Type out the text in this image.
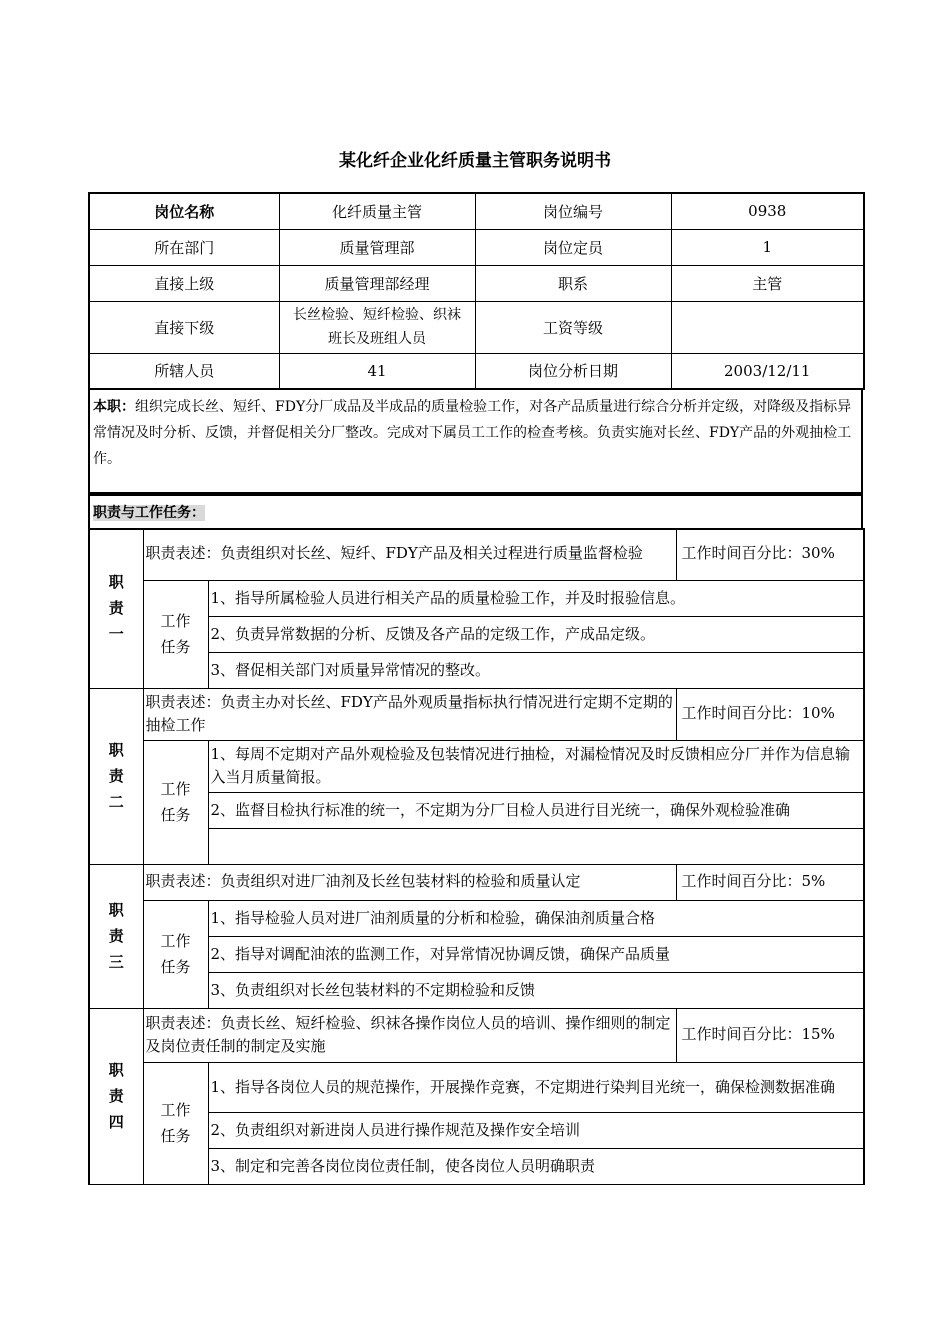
某化纤企业化纤质量主管职务说明书
岗位名称	化纤质量主管	岗位编号	0938
所在部门	质量管理部	岗位定员	1
直接上级	质量管理部经理	职系	主管
直接下级	长丝检验、短纤检验、织袜班长及班组人员	工资等级	
所辖人员	41	岗位分析日期	2003/12/11
本职：组织完成长丝、短纤、FDY分厂成品及半成品的质量检验工作，对各产品质量进行综合分析并定级，对降级及指标异常情况及时分析、反馈，并督促相关分厂整改。完成对下属员工工作的检查考核。负责实施对长丝、FDY产品的外观抽检工作。
职责与工作任务：
职责一	职责表述：负责组织对长丝、短纤、FDY产品及相关过程进行质量监督检验		工作时间百分比：30%

	工作任务	1、指导所属检验人员进行相关产品的质量检验工作，并及时报验信息。	
		2、负责异常数据的分析、反馈及各产品的定级工作，产成品定级。	
		3、督促相关部门对质量异常情况的整改。	
职责二	职责表述：负责主办对长丝、FDY产品外观质量指标执行情况进行定期不定期的抽检工作		工作时间百分比：10%

	工作任务	1、每周不定期对产品外观检验及包装情况进行抽检，对漏检情况及时反馈相应分厂并作为信息输入当月质量简报。	
		2、监督目检执行标准的统一，不定期为分厂目检人员进行目光统一，确保外观检验准确	

职责三	职责表述：负责组织对进厂油剂及长丝包装材料的检验和质量认定		工作时间百分比：5%

	工作任务	1、指导检验人员对进厂油剂质量的分析和检验，确保油剂质量合格	
		2、指导对调配油浓的监测工作，对异常情况协调反馈，确保产品质量	
		3、负责组织对长丝包装材料的不定期检验和反馈	
职责四	职责表述：负责长丝、短纤检验、织袜各操作岗位人员的培训、操作细则的制定及岗位责任制的制定及实施		工作时间百分比：15%

	工作任务	1、指导各岗位人员的规范操作，开展操作竞赛，不定期进行染判目光统一，确保检测数据准确	
		2、负责组织对新进岗人员进行操作规范及操作安全培训	
		3、制定和完善各岗位岗位责任制，使各岗位人员明确职责	
